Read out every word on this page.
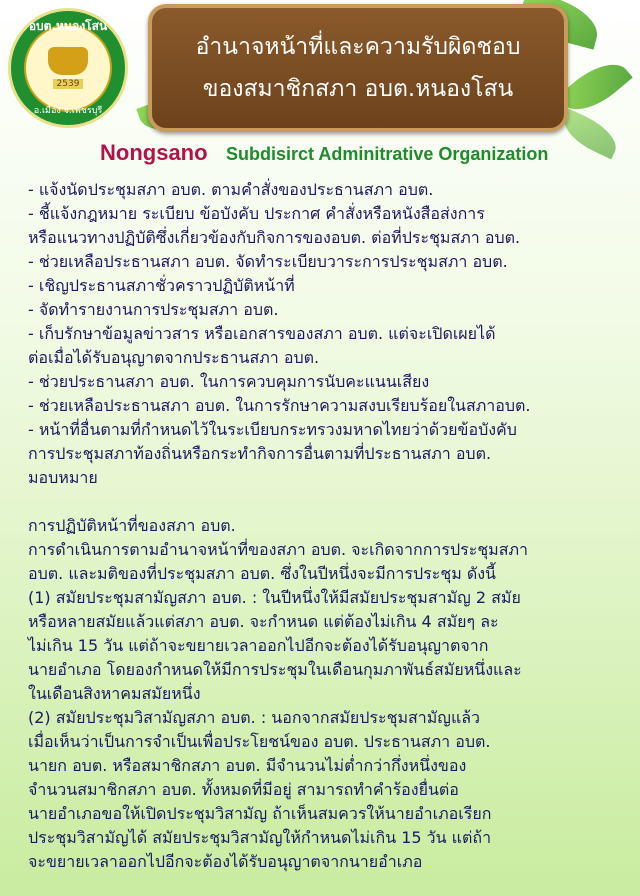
อบต.หนองโสน
2539
อ.เมือง จ.เพชรบุรี
อำนาจหน้าที่และความรับผิดชอบ
ของสมาชิกสภา อบต.หนองโสน
Nongsano Subdisirct Adminitrative Organization
- แจ้งนัดประชุมสภา อบต. ตามคำสั่งของประธานสภา อบต.
- ชี้แจ้งกฎหมาย ระเบียบ ข้อบังคับ ประกาศ คำสั่งหรือหนังสือส่งการ
หรือแนวทางปฏิบัติซึ่งเกี่ยวข้องกับกิจการของอบต. ต่อที่ประชุมสภา อบต.
- ช่วยเหลือประธานสภา อบต. จัดทำระเบียบวาระการประชุมสภา อบต.
- เชิญประธานสภาชั่วคราวปฏิบัติหน้าที่
- จัดทำรายงานการประชุมสภา อบต.
- เก็บรักษาข้อมูลข่าวสาร หรือเอกสารของสภา อบต. แต่จะเปิดเผยได้
ต่อเมื่อได้รับอนุญาตจากประธานสภา อบต.
- ช่วยประธานสภา อบต. ในการควบคุมการนับคะแนนเสียง
- ช่วยเหลือประธานสภา อบต. ในการรักษาความสงบเรียบร้อยในสภาอบต.
- หน้าที่อื่นตามที่กำหนดไว้ในระเบียบกระทรวงมหาดไทยว่าด้วยข้อบังคับ
การประชุมสภาท้องถิ่นหรือกระทำกิจการอื่นตามที่ประธานสภา อบต.
มอบหมาย
การปฏิบัติหน้าที่ของสภา อบต.
การดำเนินการตามอำนาจหน้าที่ของสภา อบต. จะเกิดจากการประชุมสภา
อบต. และมติของที่ประชุมสภา อบต. ซึ่งในปีหนึ่งจะมีการประชุม ดังนี้
(1) สมัยประชุมสามัญสภา อบต. : ในปีหนึ่งให้มีสมัยประชุมสามัญ 2 สมัย
หรือหลายสมัยแล้วแต่สภา อบต. จะกำหนด แต่ต้องไม่เกิน 4 สมัยๆ ละ
ไม่เกิน 15 วัน แต่ถ้าจะขยายเวลาออกไปอีกจะต้องได้รับอนุญาตจาก
นายอำเภอ โดยองกำหนดให้มีการประชุมในเดือนกุมภาพันธ์สมัยหนึ่งและ
ในเดือนสิงหาคมสมัยหนึ่ง
(2) สมัยประชุมวิสามัญสภา อบต. : นอกจากสมัยประชุมสามัญแล้ว
เมื่อเห็นว่าเป็นการจำเป็นเพื่อประโยชน์ของ อบต. ประธานสภา อบต.
นายก อบต. หรือสมาชิกสภา อบต. มีจำนวนไม่ต่ำกว่ากึ่งหนึ่งของ
จำนวนสมาชิกสภา อบต. ทั้งหมดที่มีอยู่ สามารถทำคำร้องยื่นต่อ
นายอำเภอขอให้เปิดประชุมวิสามัญ ถ้าเห็นสมควรให้นายอำเภอเรียก
ประชุมวิสามัญได้ สมัยประชุมวิสามัญให้กำหนดไม่เกิน 15 วัน แต่ถ้า
จะขยายเวลาออกไปอีกจะต้องได้รับอนุญาตจากนายอำเภอ
